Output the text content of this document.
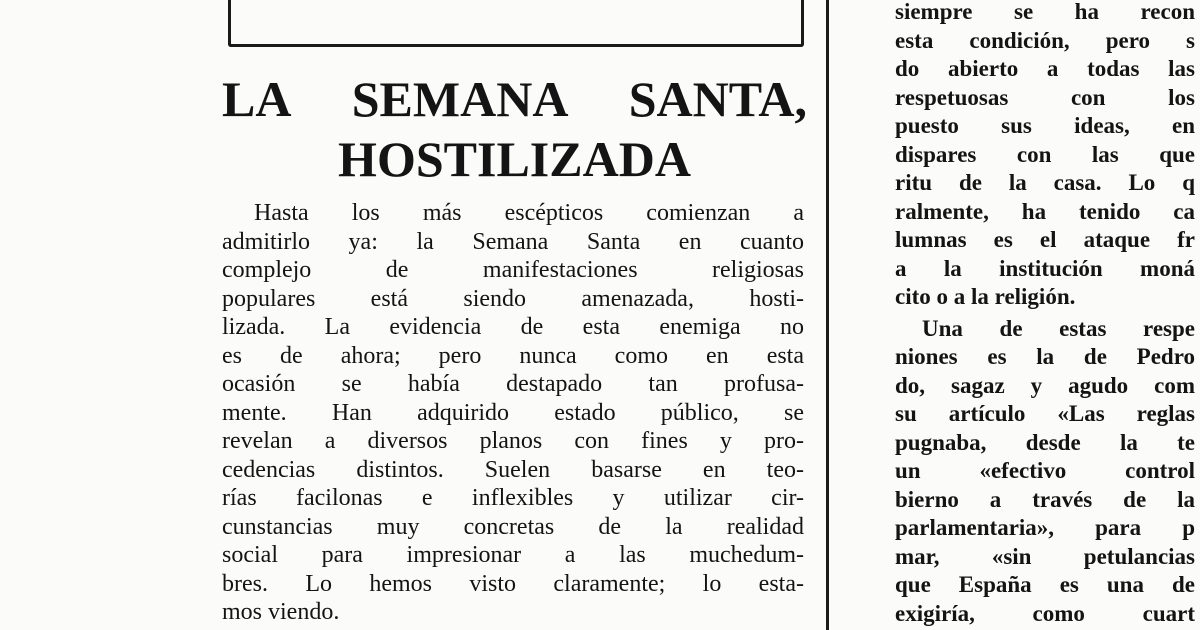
LA SEMANA SANTA,
HOSTILIZADA
Hasta los más escépticos comienzan a
admitirlo ya: la Semana Santa en cuanto
complejo de manifestaciones religiosas
populares está siendo amenazada, hosti-
lizada. La evidencia de esta enemiga no
es de ahora; pero nunca como en esta
ocasión se había destapado tan profusa-
mente. Han adquirido estado público, se
revelan a diversos planos con fines y pro-
cedencias distintos. Suelen basarse en teo-
rías facilonas e inflexibles y utilizar cir-
cunstancias muy concretas de la realidad
social para impresionar a las muchedum-
bres. Lo hemos visto claramente; lo esta-
mos viendo.
siempre se ha recon
esta condición, pero s
do abierto a todas las
respetuosas con los
puesto sus ideas, en
dispares con las que
ritu de la casa. Lo q
ralmente, ha tenido ca
lumnas es el ataque fr
a la institución moná
cito o a la religión.
Una de estas respe
niones es la de Pedro
do, sagaz y agudo com
su artículo «Las reglas
pugnaba, desde la te
un «efectivo control
bierno a través de la
parlamentaria», para p
mar, «sin petulancias
que España es una de
exigiría, como cuart
